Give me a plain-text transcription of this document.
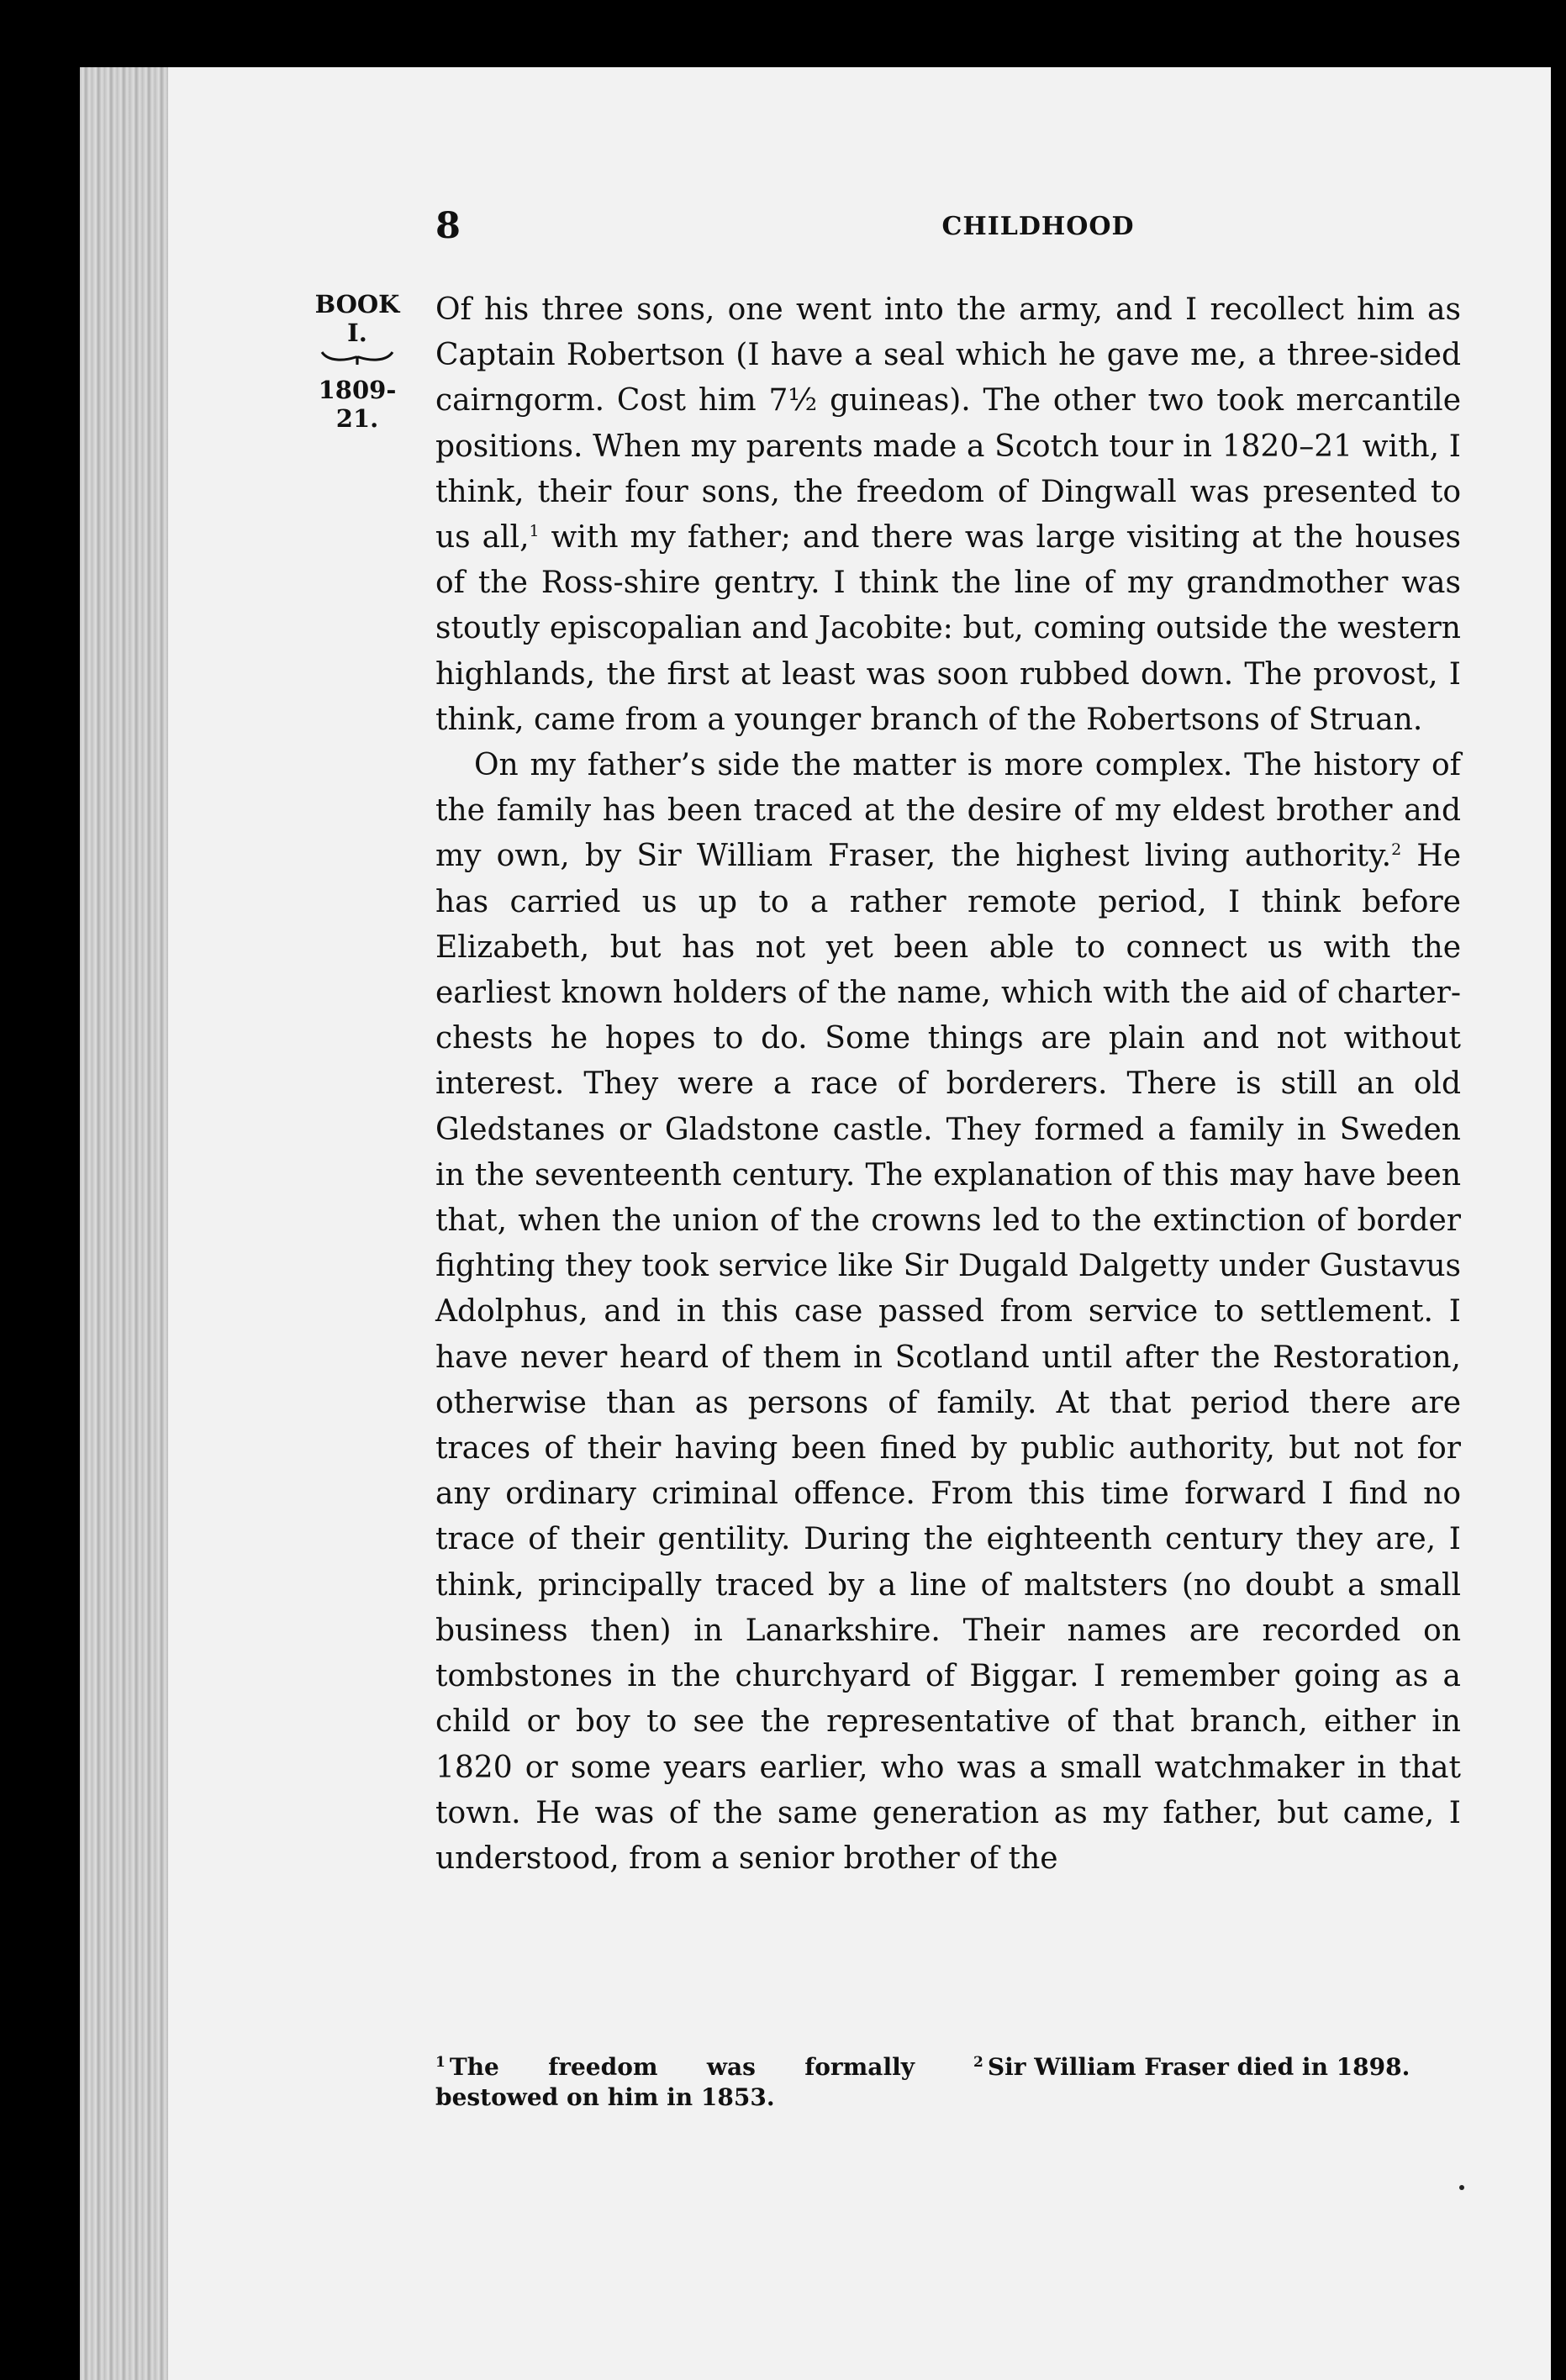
8	CHILDHOOD
BOOK
I.
1809-21.

Of his three sons, one went into the army, and I recollect him as Captain Robertson (I have a seal which he gave me, a three-sided cairngorm. Cost him 7½ guineas). The other two took mercantile positions. When my parents made a Scotch tour in 1820–21 with, I think, their four sons, the freedom of Dingwall was presented to us all,$^1$ with my father; and there was large visiting at the houses of the Ross-shire gentry. I think the line of my grandmother was stoutly episcopalian and Jacobite: but, coming outside the western highlands, the first at least was soon rubbed down. The provost, I think, came from a younger branch of the Robertsons of Struan.

On my father’s side the matter is more complex. The history of the family has been traced at the desire of my eldest brother and my own, by Sir William Fraser, the highest living authority.$^2$ He has carried us up to a rather remote period, I think before Elizabeth, but has not yet been able to connect us with the earliest known holders of the name, which with the aid of charter-chests he hopes to do. Some things are plain and not without interest. They were a race of borderers. There is still an old Gledstanes or Gladstone castle. They formed a family in Sweden in the seventeenth century. The explanation of this may have been that, when the union of the crowns led to the extinction of border fighting they took service like Sir Dugald Dalgetty under Gustavus Adolphus, and in this case passed from service to settlement. I have never heard of them in Scotland until after the Restoration, otherwise than as persons of family. At that period there are traces of their having been fined by public authority, but not for any ordinary criminal offence. From this time forward I find no trace of their gentility. During the eighteenth century they are, I think, principally traced by a line of maltsters (no doubt a small business then) in Lanarkshire. Their names are recorded on tombstones in the churchyard of Biggar. I remember going as a child or boy to see the representative of that branch, either in 1820 or some years earlier, who was a small watchmaker in that town. He was of the same generation as my father, but came, I understood, from a senior brother of the

$^1$ The freedom was formally bestowed on him in 1853.
$^2$ Sir William Fraser died in 1898.
